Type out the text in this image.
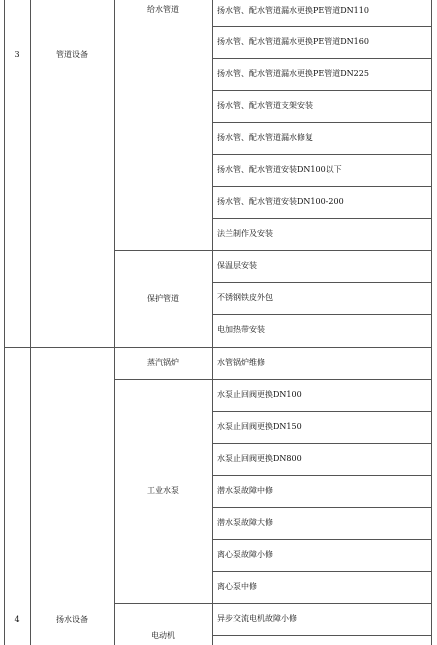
3	管道设备
给水管道
保护管道
扬水管、配水管道漏水更换PE管道DN110
扬水管、配水管道漏水更换PE管道DN160
扬水管、配水管道漏水更换PE管道DN225
扬水管、配水管道支架安装
扬水管、配水管道漏水修复
扬水管、配水管道安装DN100以下
扬水管、配水管道安装DN100-200
法兰制作及安装
保温层安装
不锈钢铁皮外包
电加热带安装
4	扬水设备
蒸汽锅炉
工业水泵
电动机
水管锅炉维修
水泵止回阀更换DN100
水泵止回阀更换DN150
水泵止回阀更换DN800
潜水泵故障中修
潜水泵故障大修
离心泵故障小修
离心泵中修
异步交流电机故障小修
